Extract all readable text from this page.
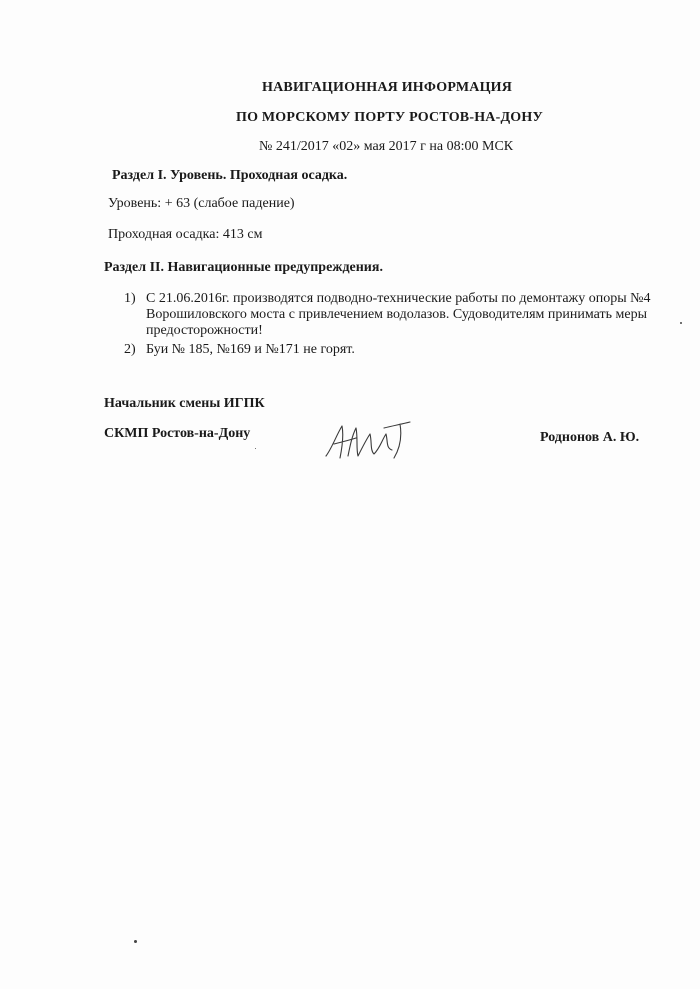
НАВИГАЦИОННАЯ ИНФОРМАЦИЯ
ПО МОРСКОМУ ПОРТУ РОСТОВ-НА-ДОНУ
№ 241/2017 «02» мая 2017 г на 08:00 МСК
Раздел I. Уровень. Проходная осадка.
Уровень: + 63 (слабое падение)
Проходная осадка: 413 см
Раздел II. Навигационные предупреждения.
1) С 21.06.2016г. производятся подводно-технические работы по демонтажу опоры №4 Ворошиловского моста с привлечением водолазов. Судоводителям принимать меры предосторожности!
2) Буи № 185, №169 и №171 не горят.
Начальник смены ИГПК
СКМП Ростов-на-Дону	Роднонов А. Ю.
